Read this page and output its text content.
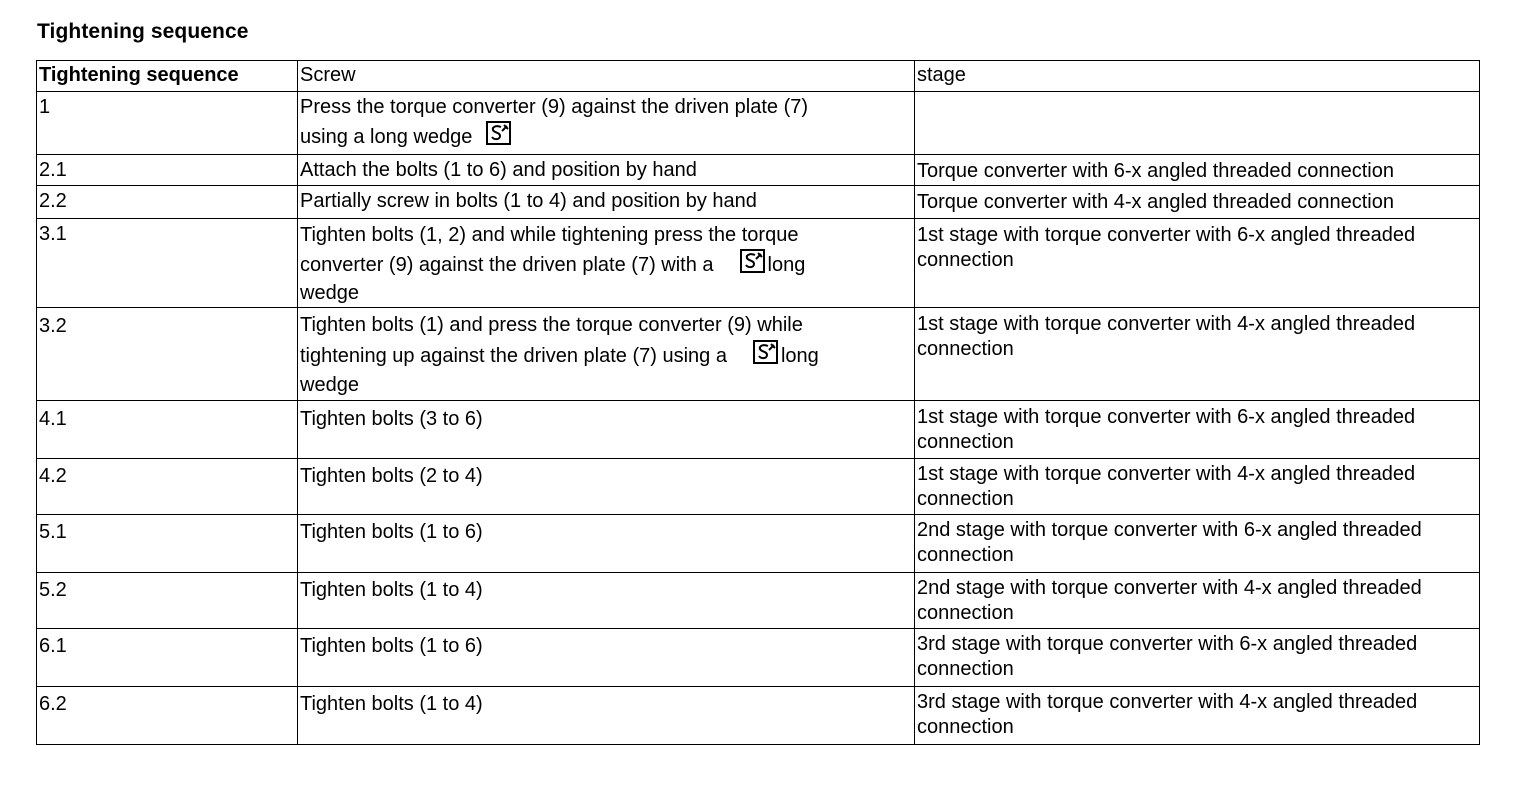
Tightening sequence
Tightening sequence	Screw	stage
1	Press the torque converter (9) against the driven plate (7)
using a long wedge

2.1	Attach the bolts (1 to 6) and position by hand	Torque converter with 6-x angled threaded connection
2.2	Partially screw in bolts (1 to 4) and position by hand	Torque converter with 4-x angled threaded connection
3.1	Tighten bolts (1, 2) and while tightening press the torque
converter (9) against the driven plate (7) with a long
wedge	1st stage with torque converter with 6-x angled threaded connection
3.2	Tighten bolts (1) and press the torque converter (9) while
tightening up against the driven plate (7) using a long
wedge	1st stage with torque converter with 4-x angled threaded connection
4.1	Tighten bolts (3 to 6)	1st stage with torque converter with 6-x angled threaded connection
4.2	Tighten bolts (2 to 4)	1st stage with torque converter with 4-x angled threaded connection
5.1	Tighten bolts (1 to 6)	2nd stage with torque converter with 6-x angled threaded connection
5.2	Tighten bolts (1 to 4)	2nd stage with torque converter with 4-x angled threaded connection
6.1	Tighten bolts (1 to 6)	3rd stage with torque converter with 6-x angled threaded connection
6.2	Tighten bolts (1 to 4)	3rd stage with torque converter with 4-x angled threaded connection
